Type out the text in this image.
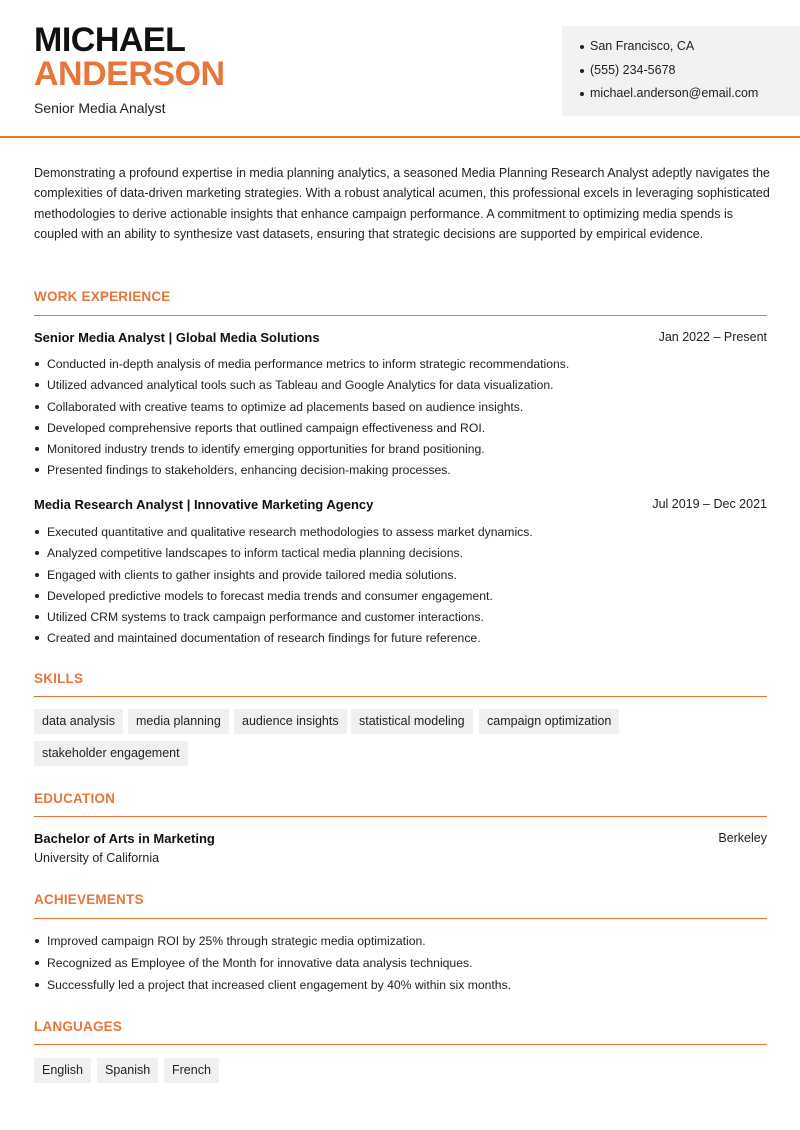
MICHAEL
ANDERSON
Senior Media Analyst
San Francisco, CA
(555) 234-5678
michael.anderson@email.com

Demonstrating a profound expertise in media planning analytics, a seasoned Media Planning Research Analyst adeptly navigates the complexities of data-driven marketing strategies. With a robust analytical acumen, this professional excels in leveraging sophisticated methodologies to derive actionable insights that enhance campaign performance. A commitment to optimizing media spends is coupled with an ability to synthesize vast datasets, ensuring that strategic decisions are supported by empirical evidence.

WORK EXPERIENCE
Senior Media Analyst | Global Media Solutions	Jan 2022 – Present
Conducted in-depth analysis of media performance metrics to inform strategic recommendations.
Utilized advanced analytical tools such as Tableau and Google Analytics for data visualization.
Collaborated with creative teams to optimize ad placements based on audience insights.
Developed comprehensive reports that outlined campaign effectiveness and ROI.
Monitored industry trends to identify emerging opportunities for brand positioning.
Presented findings to stakeholders, enhancing decision-making processes.
Media Research Analyst | Innovative Marketing Agency	Jul 2019 – Dec 2021
Executed quantitative and qualitative research methodologies to assess market dynamics.
Analyzed competitive landscapes to inform tactical media planning decisions.
Engaged with clients to gather insights and provide tailored media solutions.
Developed predictive models to forecast media trends and consumer engagement.
Utilized CRM systems to track campaign performance and customer interactions.
Created and maintained documentation of research findings for future reference.
SKILLS
data analysis	media planning	audience insights	statistical modeling	campaign optimization
stakeholder engagement
EDUCATION
Bachelor of Arts in Marketing	Berkeley
University of California
ACHIEVEMENTS
Improved campaign ROI by 25% through strategic media optimization.
Recognized as Employee of the Month for innovative data analysis techniques.
Successfully led a project that increased client engagement by 40% within six months.
LANGUAGES
English	Spanish	French
